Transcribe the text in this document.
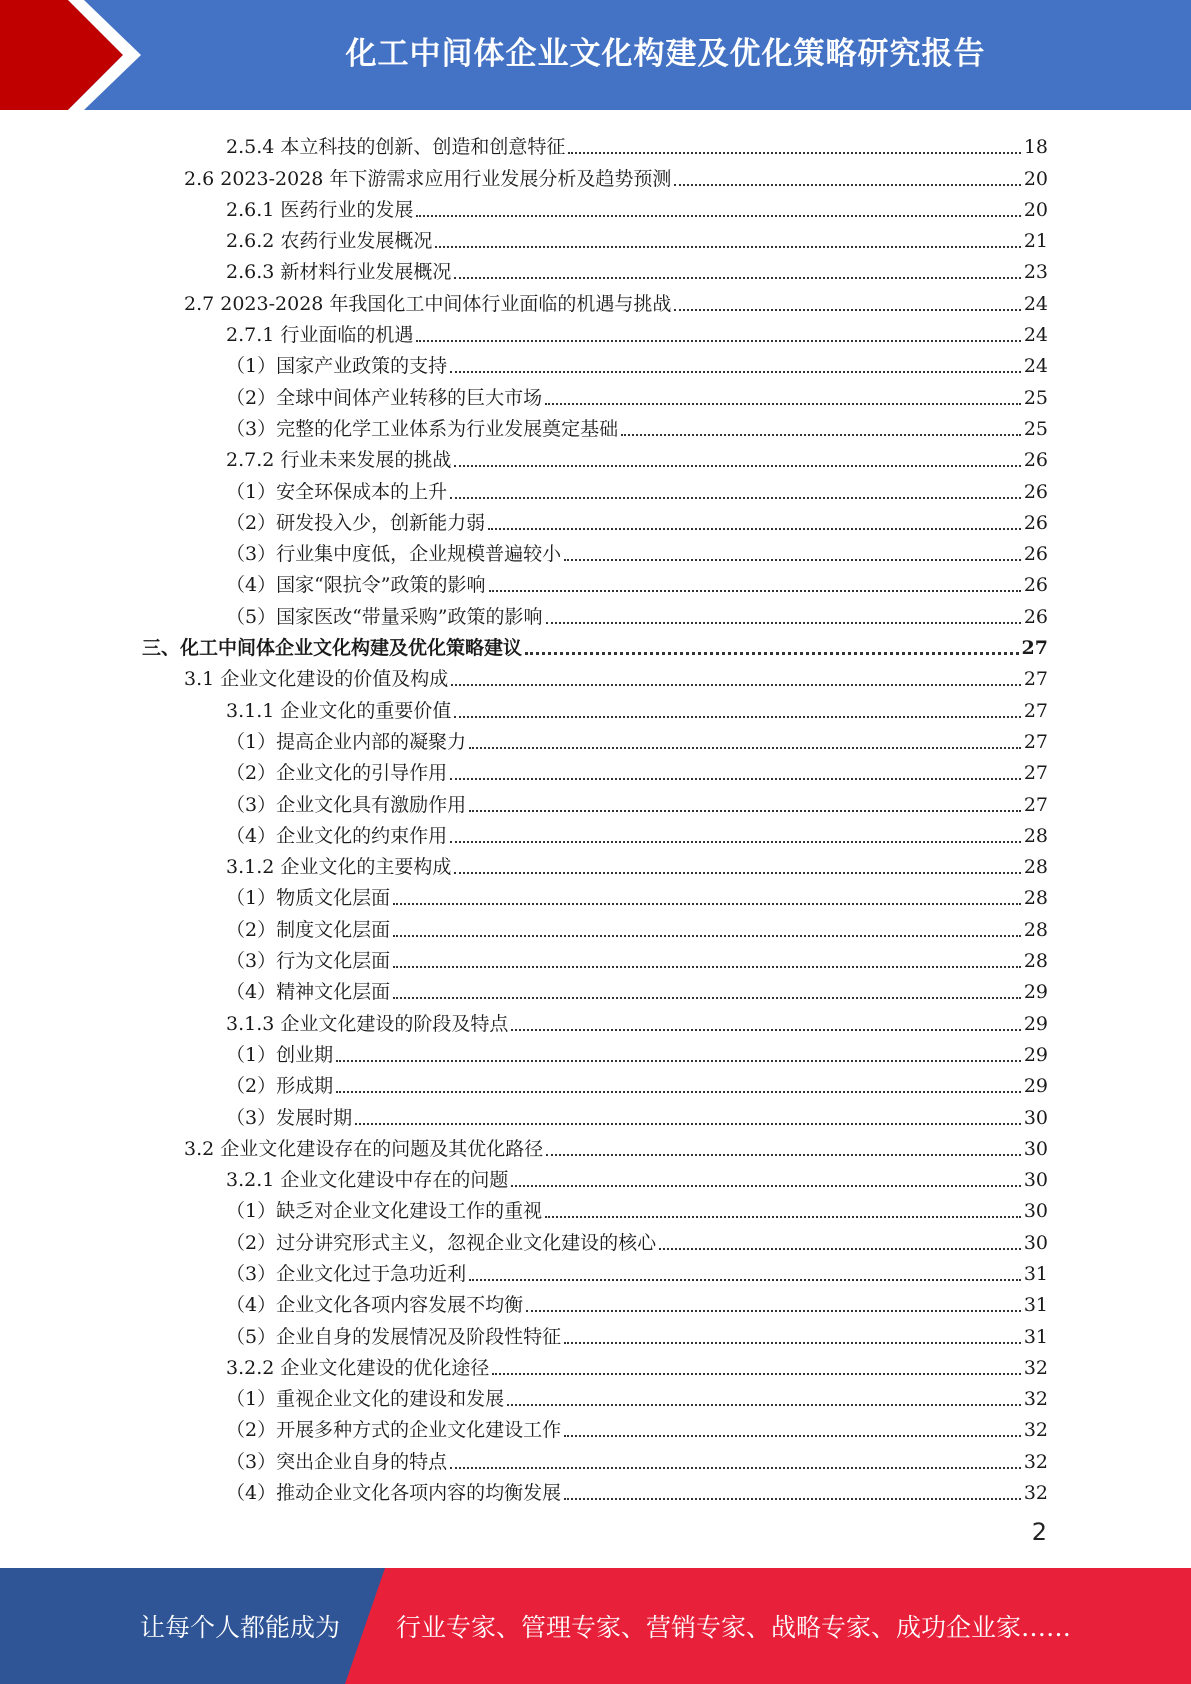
化工中间体企业文化构建及优化策略研究报告
2.5.4 本立科技的创新、创造和创意特征	18
2.6 2023-2028 年下游需求应用行业发展分析及趋势预测	20
2.6.1 医药行业的发展	20
2.6.2 农药行业发展概况	21
2.6.3 新材料行业发展概况	23
2.7 2023-2028 年我国化工中间体行业面临的机遇与挑战	24
2.7.1 行业面临的机遇	24
（1）国家产业政策的支持	24
（2）全球中间体产业转移的巨大市场	25
（3）完整的化学工业体系为行业发展奠定基础	25
2.7.2 行业未来发展的挑战	26
（1）安全环保成本的上升	26
（2）研发投入少，创新能力弱	26
（3）行业集中度低，企业规模普遍较小	26
（4）国家“限抗令”政策的影响	26
（5）国家医改“带量采购”政策的影响	26
三、化工中间体企业文化构建及优化策略建议	27
3.1 企业文化建设的价值及构成	27
3.1.1 企业文化的重要价值	27
（1）提高企业内部的凝聚力	27
（2）企业文化的引导作用	27
（3）企业文化具有激励作用	27
（4）企业文化的约束作用	28
3.1.2 企业文化的主要构成	28
（1）物质文化层面	28
（2）制度文化层面	28
（3）行为文化层面	28
（4）精神文化层面	29
3.1.3 企业文化建设的阶段及特点	29
（1）创业期	29
（2）形成期	29
（3）发展时期	30
3.2 企业文化建设存在的问题及其优化路径	30
3.2.1 企业文化建设中存在的问题	30
（1）缺乏对企业文化建设工作的重视	30
（2）过分讲究形式主义，忽视企业文化建设的核心	30
（3）企业文化过于急功近利	31
（4）企业文化各项内容发展不均衡	31
（5）企业自身的发展情况及阶段性特征	31
3.2.2 企业文化建设的优化途径	32
（1）重视企业文化的建设和发展	32
（2）开展多种方式的企业文化建设工作	32
（3）突出企业自身的特点	32
（4）推动企业文化各项内容的均衡发展	32
2
让每个人都能成为 行业专家、管理专家、营销专家、战略专家、成功企业家……
